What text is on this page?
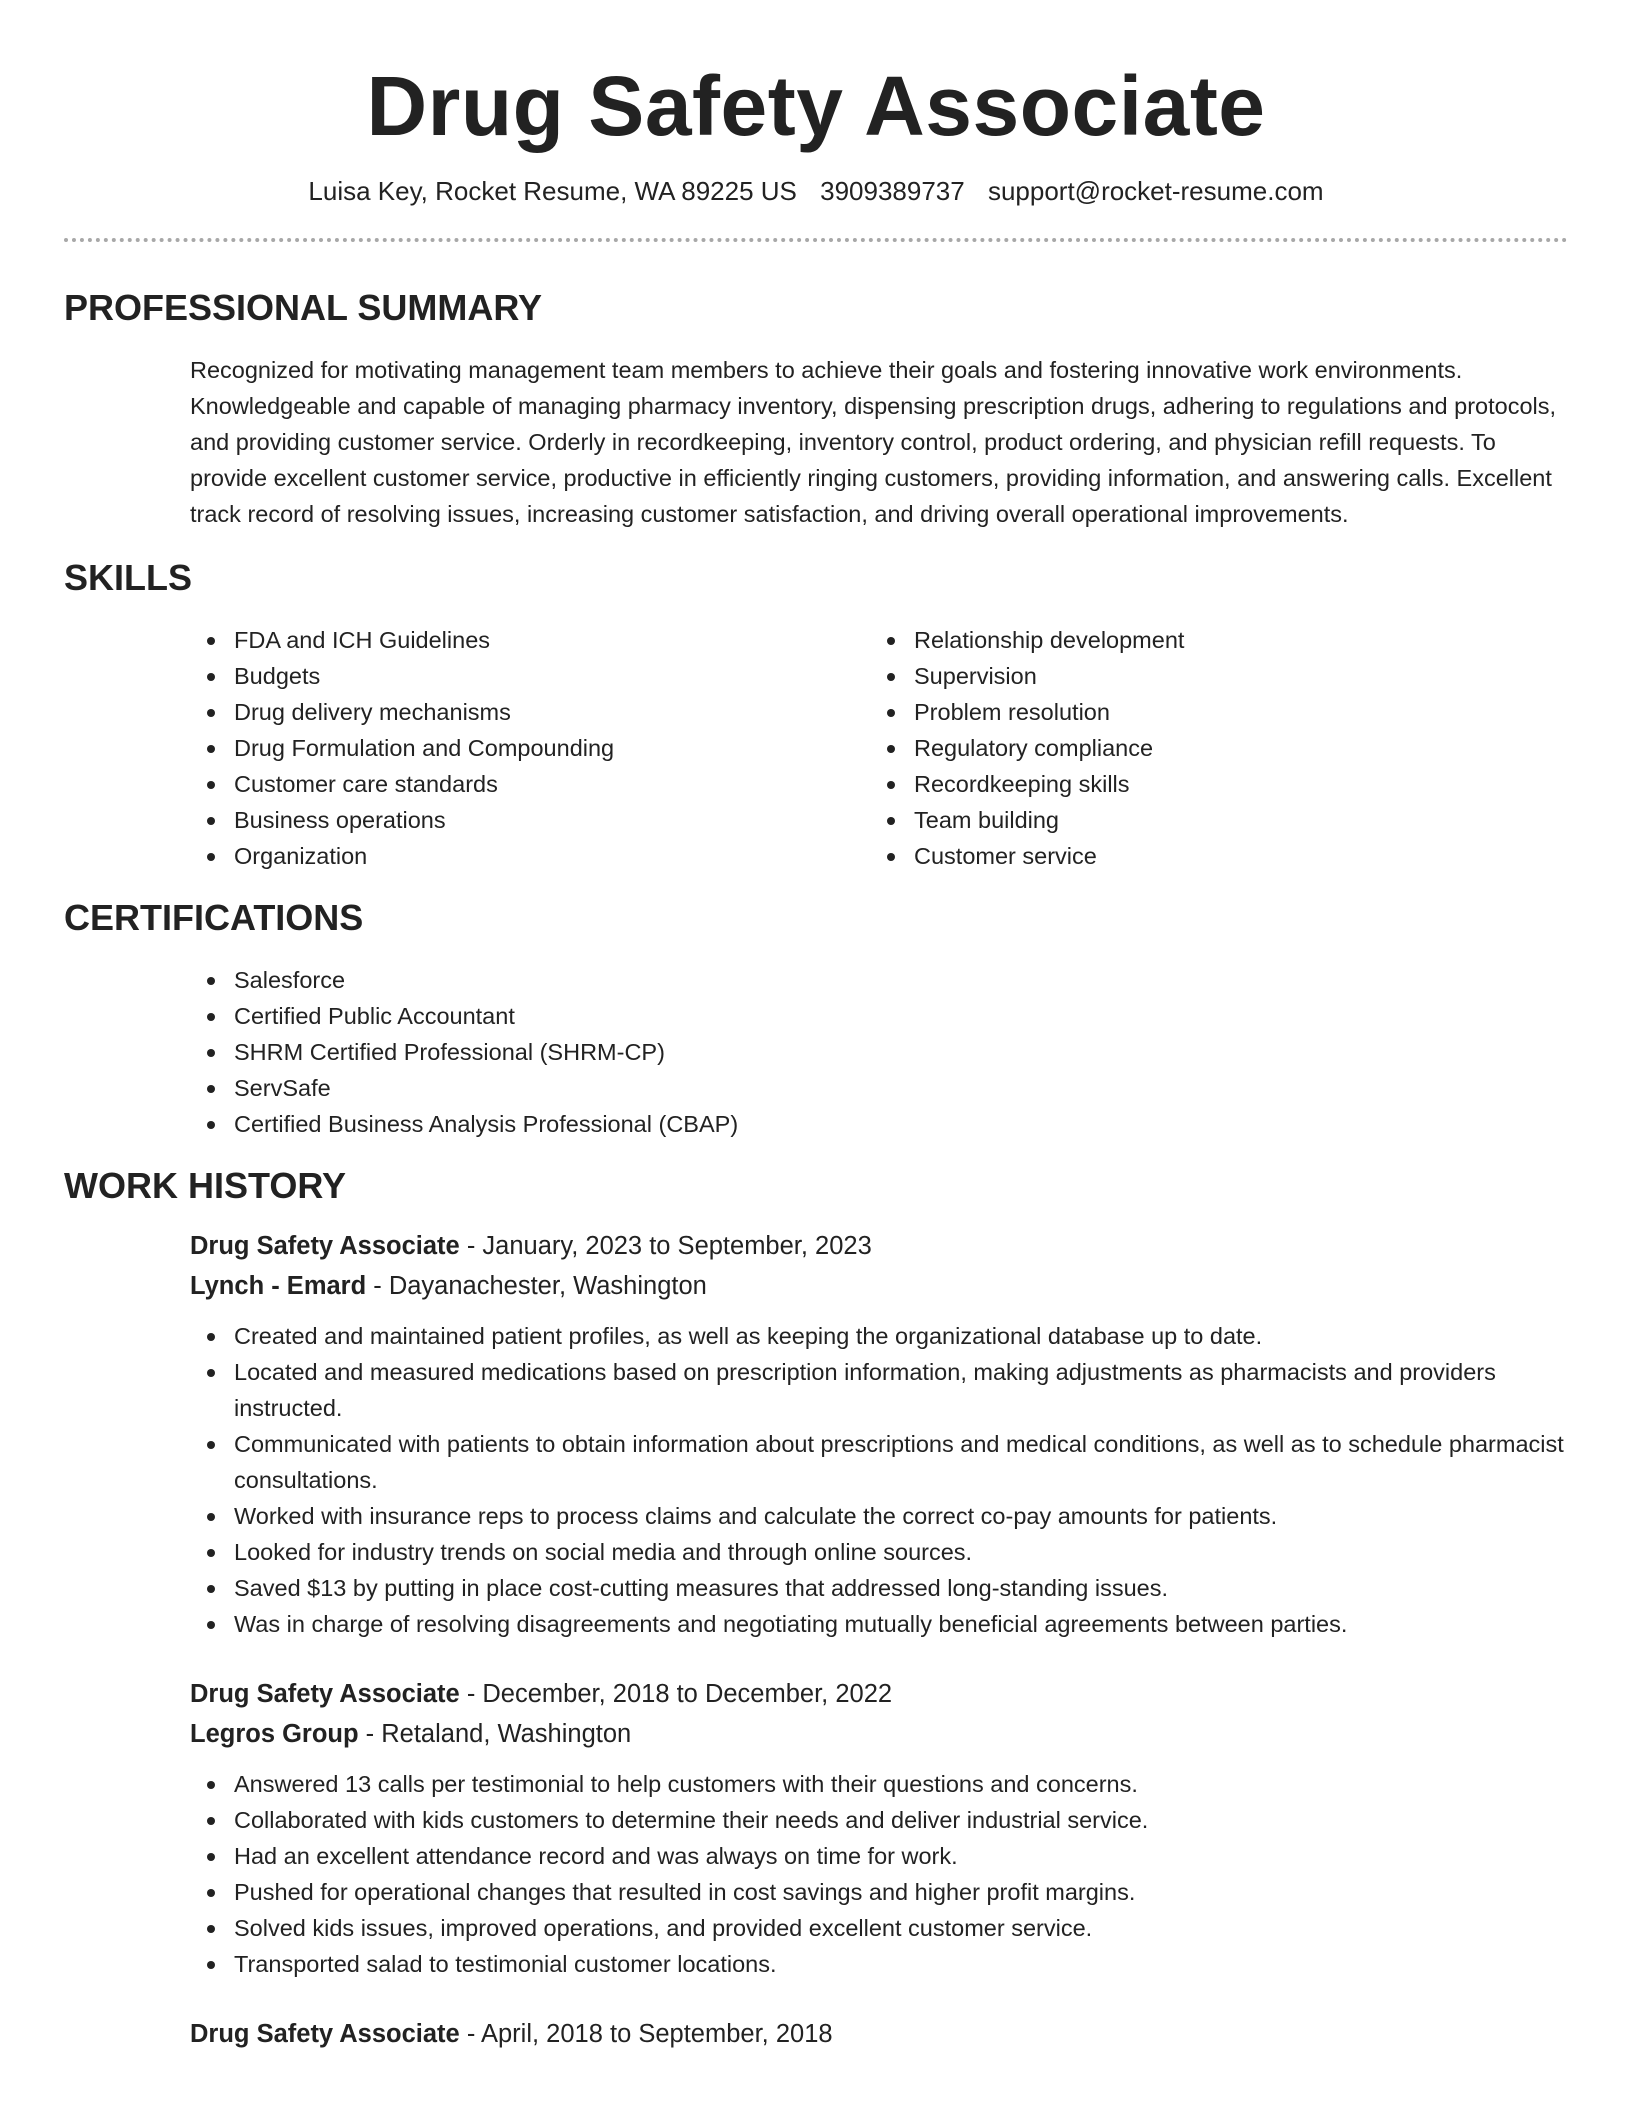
Drug Safety Associate
Luisa Key, Rocket Resume, WA 89225 US 3909389737 support@rocket-resume.com
PROFESSIONAL SUMMARY

Recognized for motivating management team members to achieve their goals and fostering innovative work environments. Knowledgeable and capable of managing pharmacy inventory, dispensing prescription drugs, adhering to regulations and protocols, and providing customer service. Orderly in recordkeeping, inventory control, product ordering, and physician refill requests. To provide excellent customer service, productive in efficiently ringing customers, providing information, and answering calls. Excellent track record of resolving issues, increasing customer satisfaction, and driving overall operational improvements.

SKILLS
FDA and ICH Guidelines
Budgets
Drug delivery mechanisms
Drug Formulation and Compounding
Customer care standards
Business operations
Organization
Relationship development
Supervision
Problem resolution
Regulatory compliance
Recordkeeping skills
Team building
Customer service
CERTIFICATIONS
Salesforce
Certified Public Accountant
SHRM Certified Professional (SHRM-CP)
ServSafe
Certified Business Analysis Professional (CBAP)
WORK HISTORY
Drug Safety Associate - January, 2023 to September, 2023
Lynch - Emard - Dayanachester, Washington
Created and maintained patient profiles, as well as keeping the organizational database up to date.
Located and measured medications based on prescription information, making adjustments as pharmacists and providers instructed.
Communicated with patients to obtain information about prescriptions and medical conditions, as well as to schedule pharmacist consultations.
Worked with insurance reps to process claims and calculate the correct co-pay amounts for patients.
Looked for industry trends on social media and through online sources.
Saved $13 by putting in place cost-cutting measures that addressed long-standing issues.
Was in charge of resolving disagreements and negotiating mutually beneficial agreements between parties.
Drug Safety Associate - December, 2018 to December, 2022
Legros Group - Retaland, Washington
Answered 13 calls per testimonial to help customers with their questions and concerns.
Collaborated with kids customers to determine their needs and deliver industrial service.
Had an excellent attendance record and was always on time for work.
Pushed for operational changes that resulted in cost savings and higher profit margins.
Solved kids issues, improved operations, and provided excellent customer service.
Transported salad to testimonial customer locations.
Drug Safety Associate - April, 2018 to September, 2018
